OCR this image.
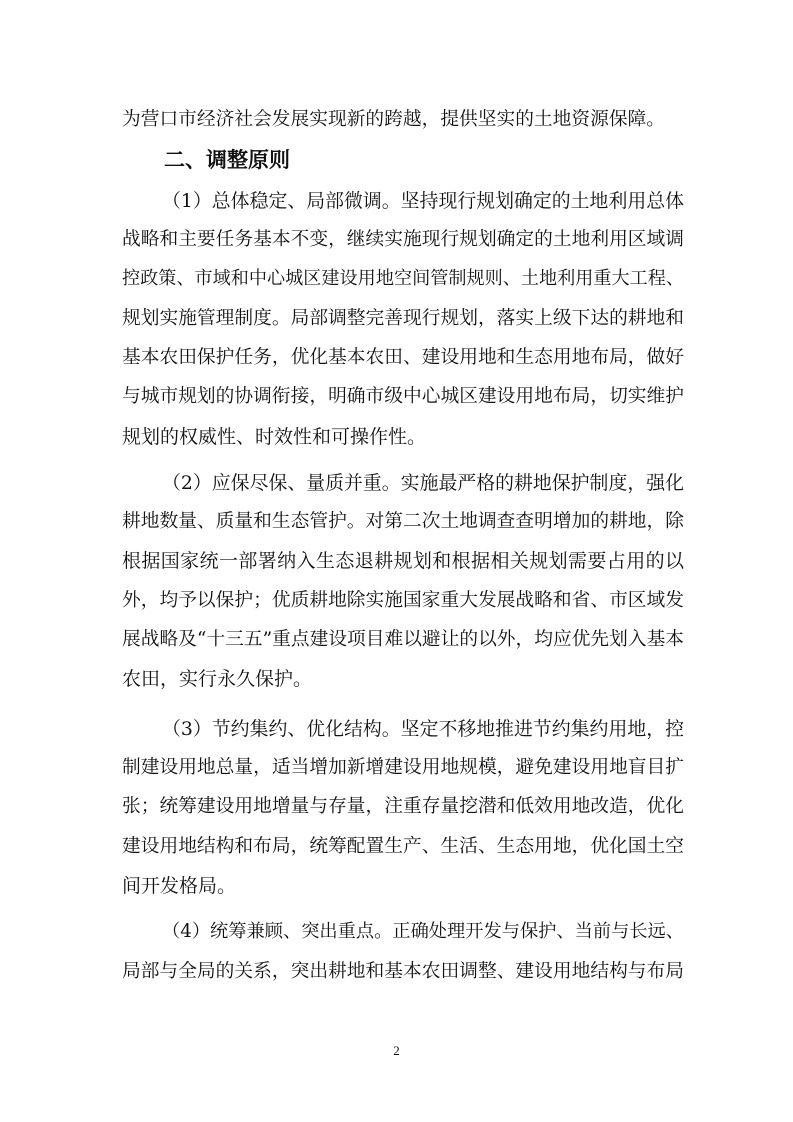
为营口市经济社会发展实现新的跨越，提供坚实的土地资源保障。
二、调整原则
（1）总体稳定、局部微调。坚持现行规划确定的土地利用总体
战略和主要任务基本不变，继续实施现行规划确定的土地利用区域调
控政策、市域和中心城区建设用地空间管制规则、土地利用重大工程、
规划实施管理制度。局部调整完善现行规划，落实上级下达的耕地和
基本农田保护任务，优化基本农田、建设用地和生态用地布局，做好
与城市规划的协调衔接，明确市级中心城区建设用地布局，切实维护
规划的权威性、时效性和可操作性。
（2）应保尽保、量质并重。实施最严格的耕地保护制度，强化
耕地数量、质量和生态管护。对第二次土地调查查明增加的耕地，除
根据国家统一部署纳入生态退耕规划和根据相关规划需要占用的以
外，均予以保护；优质耕地除实施国家重大发展战略和省、市区域发
展战略及“十三五”重点建设项目难以避让的以外，均应优先划入基本
农田，实行永久保护。
（3）节约集约、优化结构。坚定不移地推进节约集约用地，控
制建设用地总量，适当增加新增建设用地规模，避免建设用地盲目扩
张；统筹建设用地增量与存量，注重存量挖潜和低效用地改造，优化
建设用地结构和布局，统筹配置生产、生活、生态用地，优化国土空
间开发格局。
（4）统筹兼顾、突出重点。正确处理开发与保护、当前与长远、
局部与全局的关系，突出耕地和基本农田调整、建设用地结构与布局
2
